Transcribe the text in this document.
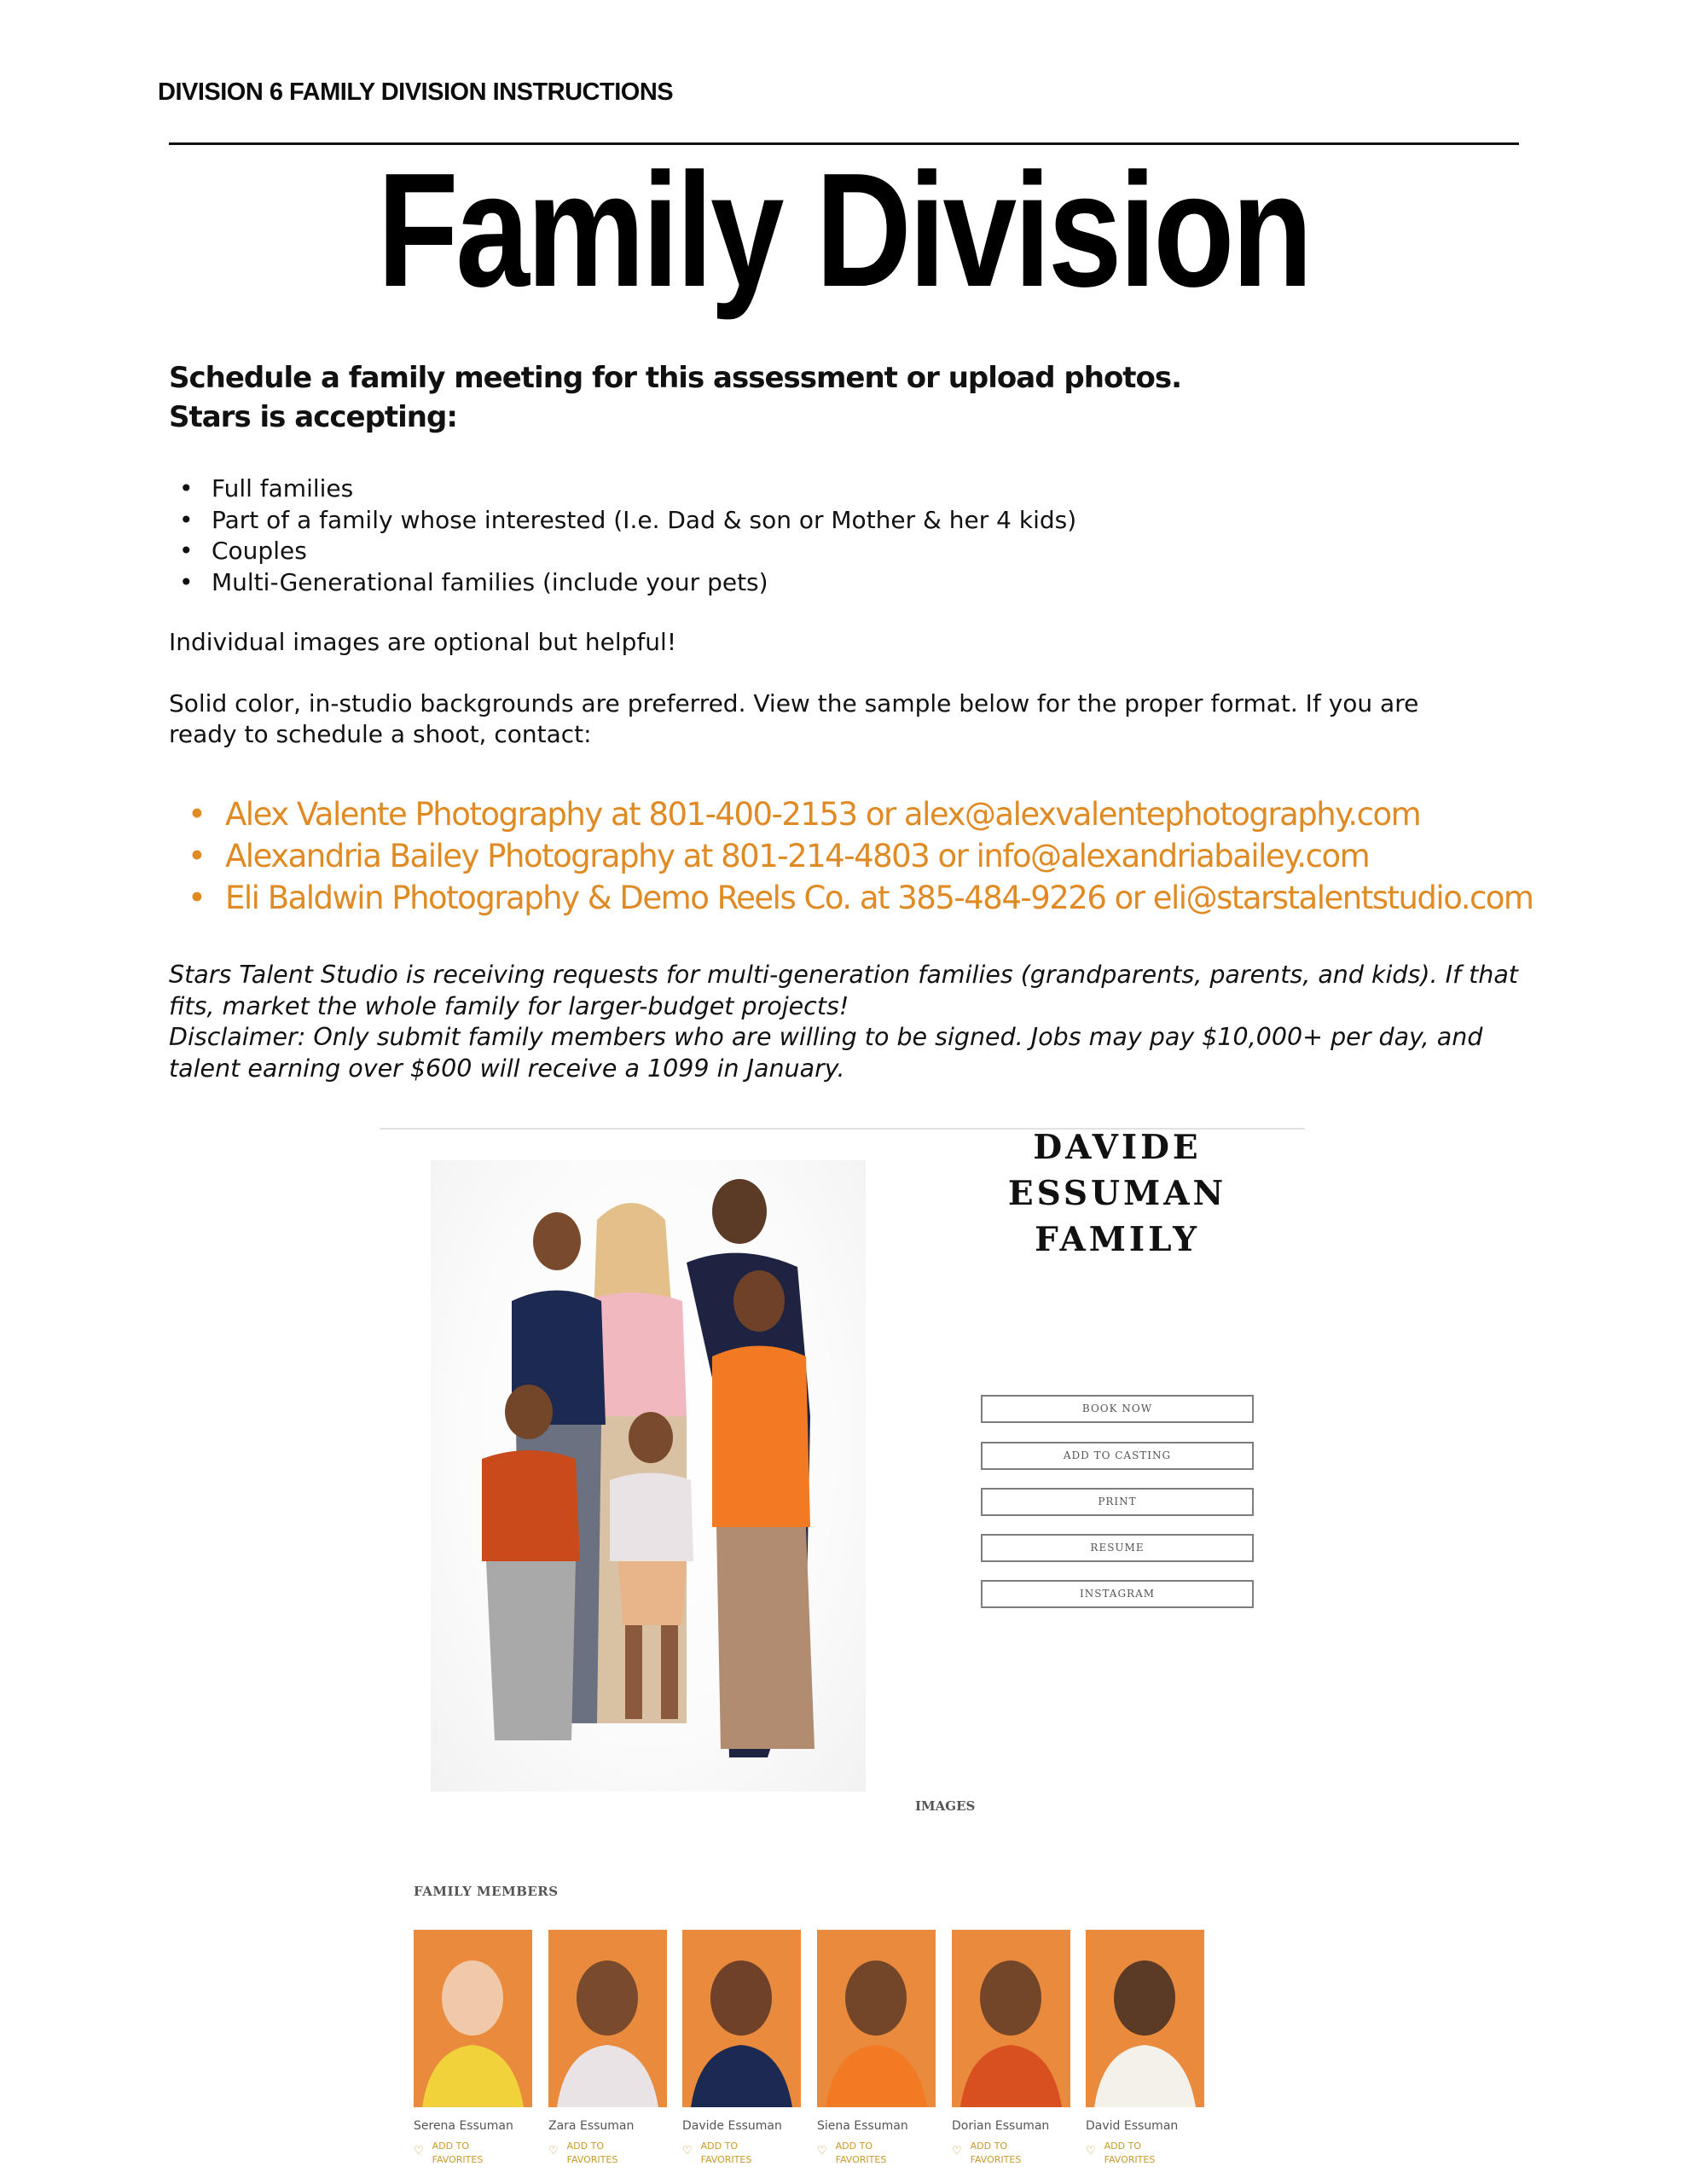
DIVISION 6 FAMILY DIVISION INSTRUCTIONS
Family Division
Schedule a family meeting for this assessment or upload photos.
Stars is accepting:
• Full families
• Part of a family whose interested (I.e. Dad & son or Mother & her 4 kids)
• Couples
• Multi-Generational families (include your pets)
Individual images are optional but helpful!
Solid color, in-studio backgrounds are preferred. View the sample below for the proper format. If you are ready to schedule a shoot, contact:
• Alex Valente Photography at 801-400-2153 or alex@alexvalentephotography.com
• Alexandria Bailey Photography at 801-214-4803 or info@alexandriabailey.com
• Eli Baldwin Photography & Demo Reels Co. at 385-484-9226 or eli@starstalentstudio.com
Stars Talent Studio is receiving requests for multi-generation families (grandparents, parents, and kids). If that fits, market the whole family for larger-budget projects!
Disclaimer: Only submit family members who are willing to be signed. Jobs may pay $10,000+ per day, and talent earning over $600 will receive a 1099 in January.
DAVIDE ESSUMAN
FAMILY
BOOK NOW
ADD TO CASTING
PRINT
RESUME
INSTAGRAM
IMAGES
FAMILY MEMBERS
Serena Essuman
♡ ADD TO FAVORITES
Zara Essuman
♡ ADD TO FAVORITES
Davide Essuman
♡ ADD TO FAVORITES
Siena Essuman
♡ ADD TO FAVORITES
Dorian Essuman
♡ ADD TO FAVORITES
David Essuman
♡ ADD TO FAVORITES
